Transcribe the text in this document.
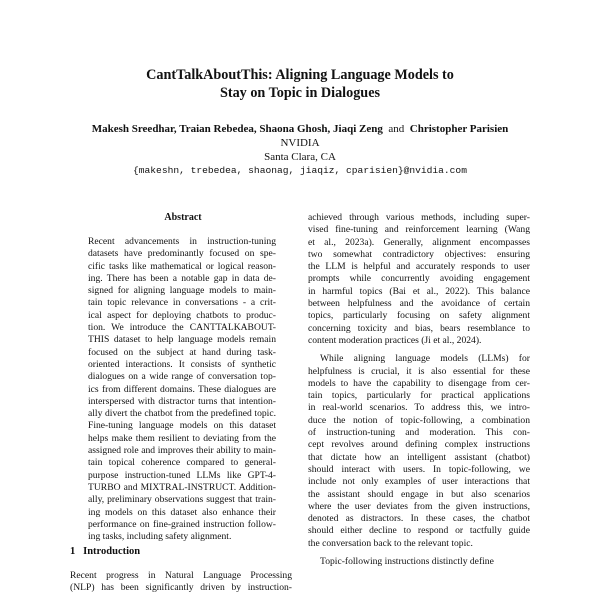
CantTalkAboutThis: Aligning Language Models to
Stay on Topic in Dialogues
Makesh Sreedhar, Traian Rebedea, Shaona Ghosh, Jiaqi Zeng and Christopher Parisien
NVIDIA
Santa Clara, CA
{makeshn, trebedea, shaonag, jiaqiz, cparisien}@nvidia.com
Abstract
Recent advancements in instruction-tuning
datasets have predominantly focused on spe-
cific tasks like mathematical or logical reason-
ing. There has been a notable gap in data de-
signed for aligning language models to main-
tain topic relevance in conversations - a crit-
ical aspect for deploying chatbots to produc-
tion. We introduce the CANTTALKABOUT-
THIS dataset to help language models remain
focused on the subject at hand during task-
oriented interactions. It consists of synthetic
dialogues on a wide range of conversation top-
ics from different domains. These dialogues are
interspersed with distractor turns that intention-
ally divert the chatbot from the predefined topic.
Fine-tuning language models on this dataset
helps make them resilient to deviating from the
assigned role and improves their ability to main-
tain topical coherence compared to general-
purpose instruction-tuned LLMs like GPT-4-
TURBO and MIXTRAL-INSTRUCT. Addition-
ally, preliminary observations suggest that train-
ing models on this dataset also enhance their
performance on fine-grained instruction follow-
ing tasks, including safety alignment.
1 Introduction
Recent progress in Natural Language Processing
(NLP) has been significantly driven by instruction-
achieved through various methods, including super-
vised fine-tuning and reinforcement learning (Wang
et al., 2023a). Generally, alignment encompasses
two somewhat contradictory objectives: ensuring
the LLM is helpful and accurately responds to user
prompts while concurrently avoiding engagement
in harmful topics (Bai et al., 2022). This balance
between helpfulness and the avoidance of certain
topics, particularly focusing on safety alignment
concerning toxicity and bias, bears resemblance to
content moderation practices (Ji et al., 2024).
While aligning language models (LLMs) for
helpfulness is crucial, it is also essential for these
models to have the capability to disengage from cer-
tain topics, particularly for practical applications
in real-world scenarios. To address this, we intro-
duce the notion of topic-following, a combination
of instruction-tuning and moderation. This con-
cept revolves around defining complex instructions
that dictate how an intelligent assistant (chatbot)
should interact with users. In topic-following, we
include not only examples of user interactions that
the assistant should engage in but also scenarios
where the user deviates from the given instructions,
denoted as distractors. In these cases, the chatbot
should either decline to respond or tactfully guide
the conversation back to the relevant topic.
Topic-following instructions distinctly define
